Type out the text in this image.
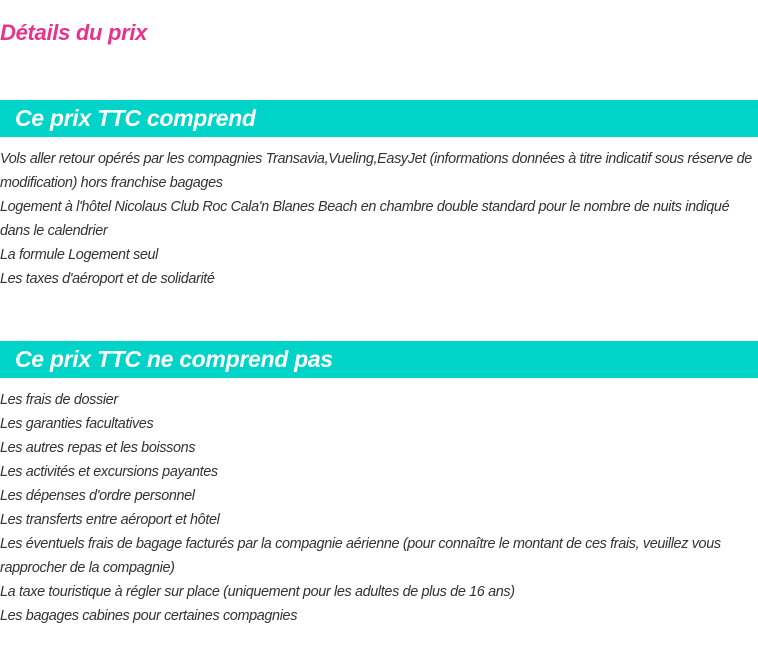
Détails du prix
Ce prix TTC comprend
Vols aller retour opérés par les compagnies Transavia,Vueling,EasyJet (informations données à titre indicatif sous réserve de modification) hors franchise bagages
Logement à l'hôtel Nicolaus Club Roc Cala'n Blanes Beach en chambre double standard pour le nombre de nuits indiqué dans le calendrier
La formule Logement seul
Les taxes d'aéroport et de solidarité
Ce prix TTC ne comprend pas
Les frais de dossier
Les garanties facultatives
Les autres repas et les boissons
Les activités et excursions payantes
Les dépenses d'ordre personnel
Les transferts entre aéroport et hôtel
Les éventuels frais de bagage facturés par la compagnie aérienne (pour connaître le montant de ces frais, veuillez vous rapprocher de la compagnie)
La taxe touristique à régler sur place (uniquement pour les adultes de plus de 16 ans)
Les bagages cabines pour certaines compagnies
